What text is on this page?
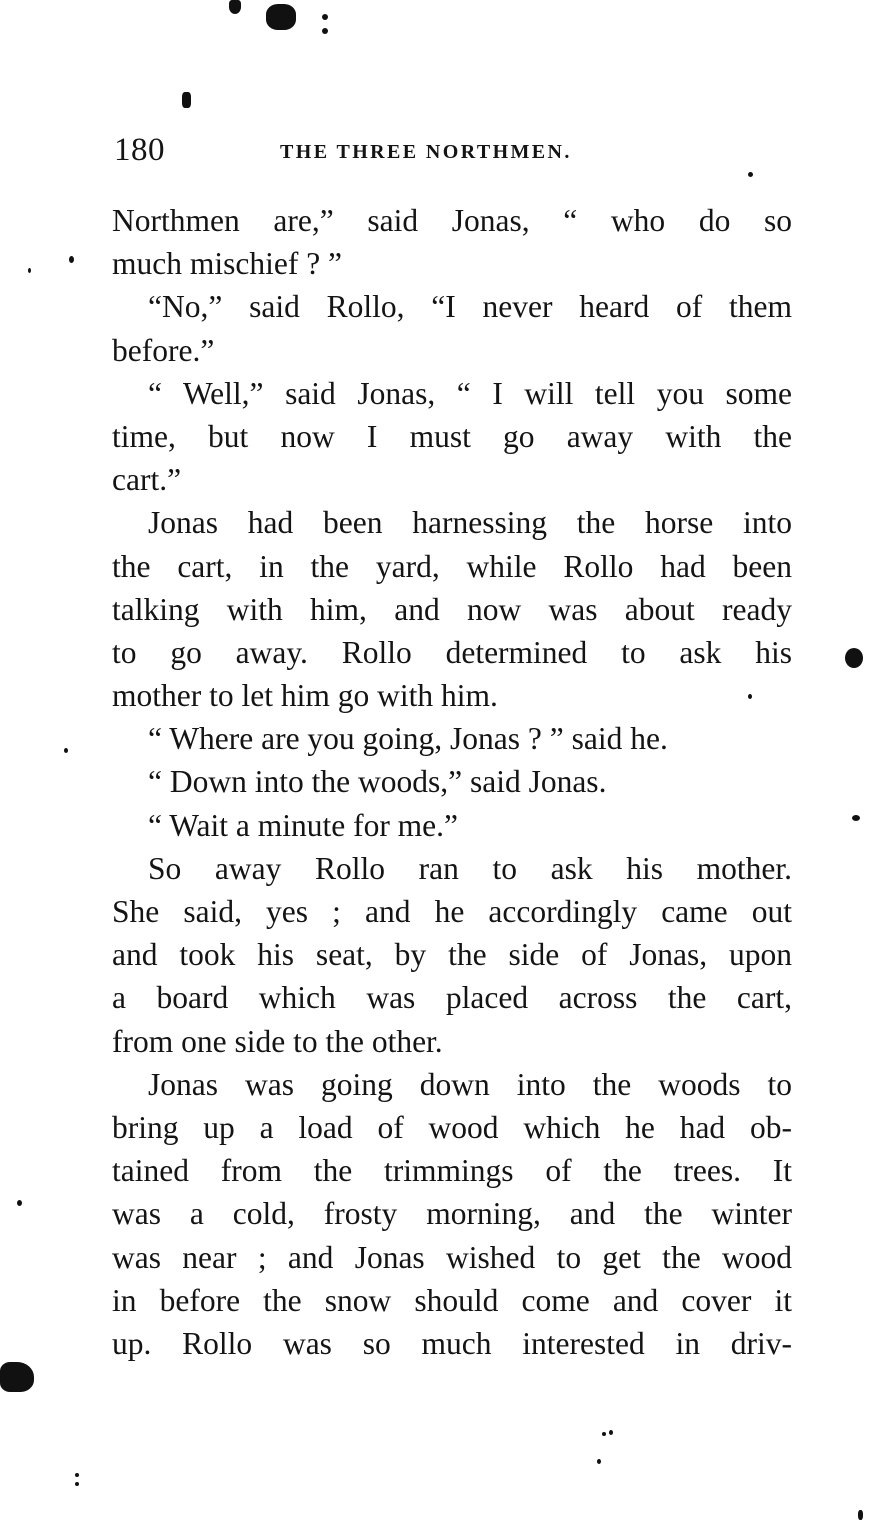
180	THE THREE NORTHMEN.
Northmen are,” said Jonas, “ who do so
much mischief ? ”
“No,” said Rollo, “I never heard of them
before.”
“ Well,” said Jonas, “ I will tell you some
time, but now I must go away with the
cart.”
Jonas had been harnessing the horse into
the cart, in the yard, while Rollo had been
talking with him, and now was about ready
to go away. Rollo determined to ask his
mother to let him go with him.
“ Where are you going, Jonas ? ” said he.
“ Down into the woods,” said Jonas.
“ Wait a minute for me.”
So away Rollo ran to ask his mother.
She said, yes ; and he accordingly came out
and took his seat, by the side of Jonas, upon
a board which was placed across the cart,
from one side to the other.
Jonas was going down into the woods to
bring up a load of wood which he had ob-
tained from the trimmings of the trees. It
was a cold, frosty morning, and the winter
was near ; and Jonas wished to get the wood
in before the snow should come and cover it
up. Rollo was so much interested in driv-
